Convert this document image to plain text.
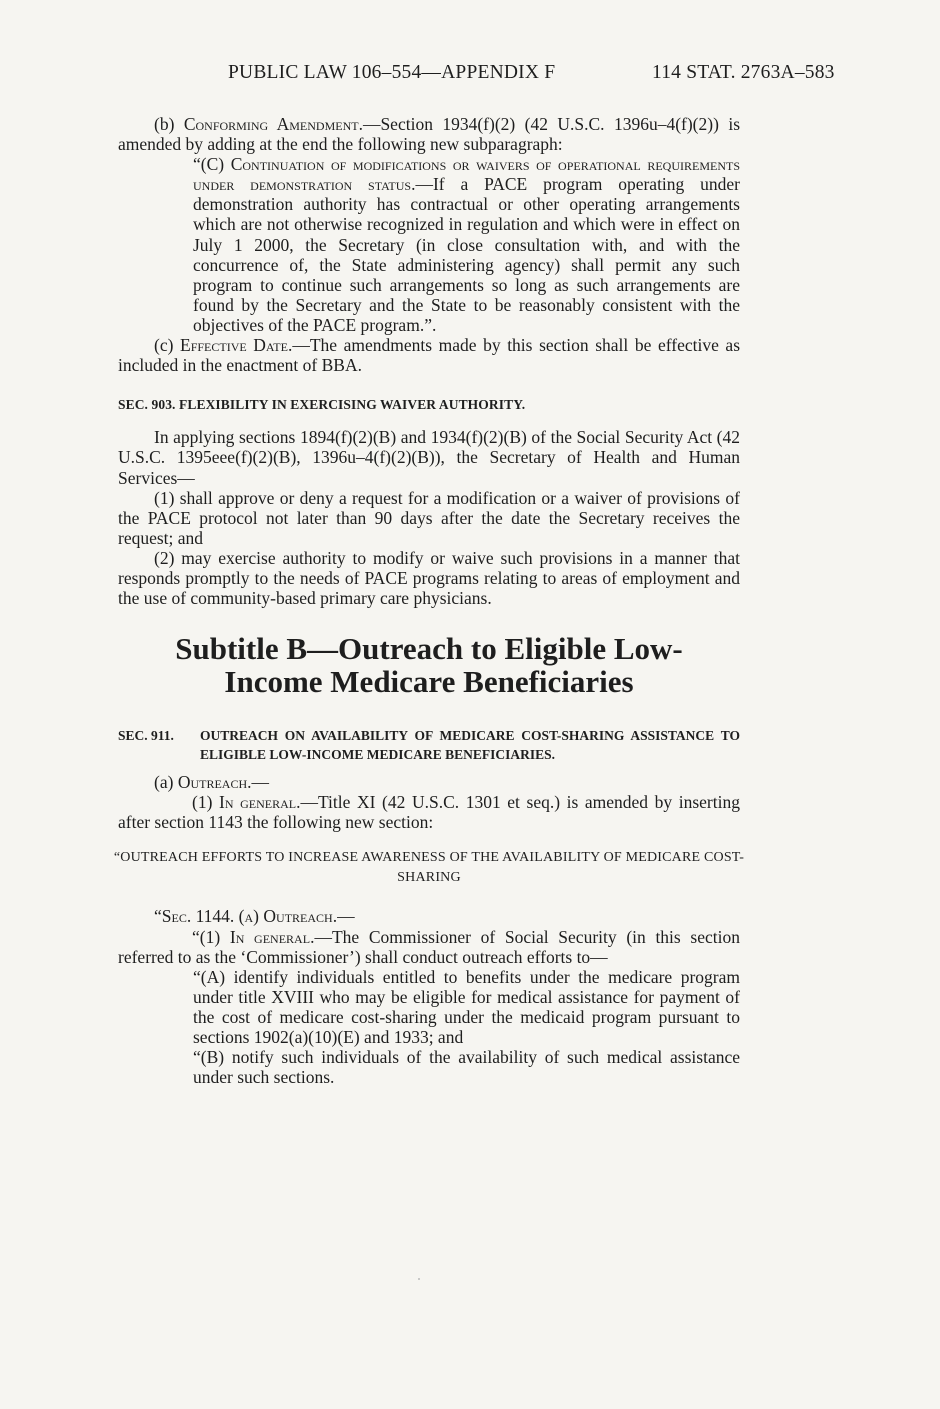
PUBLIC LAW 106–554—APPENDIX F	114 STAT. 2763A–583

(b) Conforming Amendment.—Section 1934(f)(2) (42 U.S.C. 1396u–4(f)(2)) is amended by adding at the end the following new subparagraph:

“(C) Continuation of modifications or waivers of operational requirements under demonstration status.—If a PACE program operating under demonstration authority has contractual or other operating arrangements which are not otherwise recognized in regulation and which were in effect on July 1 2000, the Secretary (in close consultation with, and with the concurrence of, the State administering agency) shall permit any such program to continue such arrangements so long as such arrangements are found by the Secretary and the State to be reasonably consistent with the objectives of the PACE program.”.

(c) Effective Date.—The amendments made by this section shall be effective as included in the enactment of BBA.

SEC. 903. FLEXIBILITY IN EXERCISING WAIVER AUTHORITY.

In applying sections 1894(f)(2)(B) and 1934(f)(2)(B) of the Social Security Act (42 U.S.C. 1395eee(f)(2)(B), 1396u–4(f)(2)(B)), the Secretary of Health and Human Services—

(1) shall approve or deny a request for a modification or a waiver of provisions of the PACE protocol not later than 90 days after the date the Secretary receives the request; and

(2) may exercise authority to modify or waive such provisions in a manner that responds promptly to the needs of PACE programs relating to areas of employment and the use of community-based primary care physicians.

Subtitle B—Outreach to Eligible Low-Income Medicare Beneficiaries

SEC. 911.	OUTREACH ON AVAILABILITY OF MEDICARE COST-SHARING ASSISTANCE TO ELIGIBLE LOW-INCOME MEDICARE BENEFICIARIES.

(a) Outreach.—

(1) In general.—Title XI (42 U.S.C. 1301 et seq.) is amended by inserting after section 1143 the following new section:

“OUTREACH EFFORTS TO INCREASE AWARENESS OF THE AVAILABILITY OF MEDICARE COST-SHARING

“Sec. 1144. (a) Outreach.—

“(1) In general.—The Commissioner of Social Security (in this section referred to as the ‘Commissioner’) shall conduct outreach efforts to—

“(A) identify individuals entitled to benefits under the medicare program under title XVIII who may be eligible for medical assistance for payment of the cost of medicare cost-sharing under the medicaid program pursuant to sections 1902(a)(10)(E) and 1933; and

“(B) notify such individuals of the availability of such medical assistance under such sections.
